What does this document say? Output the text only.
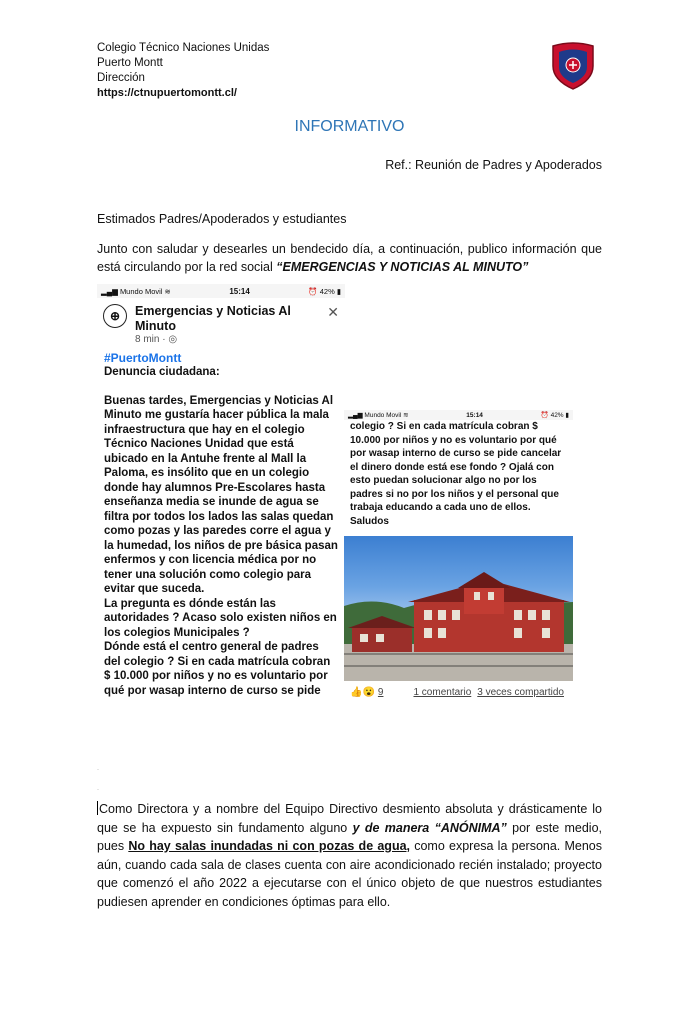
Colegio Técnico Naciones Unidas
Puerto Montt
Dirección
https://ctnupuertomontt.cl/
INFORMATIVO
Ref.: Reunión de Padres y Apoderados
Estimados Padres/Apoderados y estudiantes
Junto con saludar y desearles un bendecido día, a continuación, publico información que está circulando por la red social “EMERGENCIAS Y NOTICIAS AL MINUTO”
▂▄▆ Mundo Movil ≋	15:14	⏰ 42% ▮
⊕	Emergencias y Noticias Al Minuto
8 min · ◎
✕
#PuertoMontt
Denuncia ciudadana:
Buenas tardes, Emergencias y Noticias Al Minuto me gustaría hacer pública la mala infraestructura que hay en el colegio Técnico Naciones Unidad que está ubicado en la Antuhe frente al Mall la Paloma, es insólito que en un colegio donde hay alumnos Pre-Escolares hasta enseñanza media se inunde de agua se filtra por todos los lados las salas quedan como pozas y las paredes corre el agua y la humedad, los niños de pre básica pasan enfermos y con licencia médica por no tener una solución como colegio para evitar que suceda.
La pregunta es dónde están las autoridades ? Acaso solo existen niños en los colegios Municipales ?
Dónde está el centro general de padres del colegio ? Si en cada matrícula cobran $ 10.000 por niños y no es voluntario por qué por wasap interno de curso se pide
▂▄▆ Mundo Movil ≋	15:14	⏰ 42% ▮
colegio ? Si en cada matrícula cobran $ 10.000 por niños y no es voluntario por qué por wasap interno de curso se pide cancelar el dinero donde está ese fondo ? Ojalá con esto puedan solucionar algo no por los padres si no por los niños y el personal que trabaja educando a cada uno de ellos.
Saludos
👍 😮 9	1 comentario 3 veces compartido
·
·
Como Directora y a nombre del Equipo Directivo desmiento absoluta y drásticamente lo que se ha expuesto sin fundamento alguno y de manera “ANÓNIMA” por este medio, pues No hay salas inundadas ni con pozas de agua, como expresa la persona. Menos aún, cuando cada sala de clases cuenta con aire acondicionado recién instalado; proyecto que comenzó el año 2022 a ejecutarse con el único objeto de que nuestros estudiantes pudiesen aprender en condiciones óptimas para ello.
